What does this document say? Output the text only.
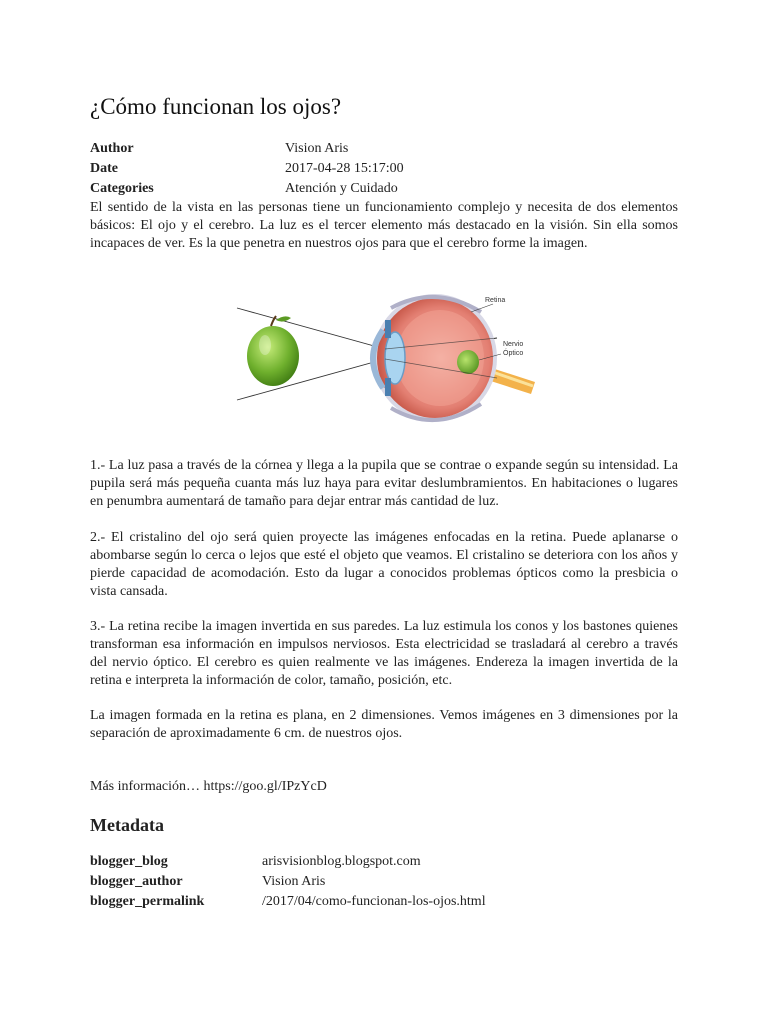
¿Cómo funcionan los ojos?
Author	Vision Aris
Date	2017-04-28 15:17:00
Categories	Atención y Cuidado

El sentido de la vista en las personas tiene un funcionamiento complejo y necesita de dos elementos básicos: El ojo y el cerebro. La luz es el tercer elemento más destacado en la visión. Sin ella somos incapaces de ver. Es la que penetra en nuestros ojos para que el cerebro forme la imagen.

Retina
Nervio
Óptico

1.- La luz pasa a través de la córnea y llega a la pupila que se contrae o expande según su intensidad. La pupila será más pequeña cuanta más luz haya para evitar deslumbramientos. En habitaciones o lugares en penumbra aumentará de tamaño para dejar entrar más cantidad de luz.

2.- El cristalino del ojo será quien proyecte las imágenes enfocadas en la retina. Puede aplanarse o abombarse según lo cerca o lejos que esté el objeto que veamos. El cristalino se deteriora con los años y pierde capacidad de acomodación. Esto da lugar a conocidos problemas ópticos como la presbicia o vista cansada.

3.- La retina recibe la imagen invertida en sus paredes. La luz estimula los conos y los bastones quienes transforman esa información en impulsos nerviosos. Esta electricidad se trasladará al cerebro a través del nervio óptico. El cerebro es quien realmente ve las imágenes. Endereza la imagen invertida de la retina e interpreta la información de color, tamaño, posición, etc.

La imagen formada en la retina es plana, en 2 dimensiones. Vemos imágenes en 3 dimensiones por la separación de aproximadamente 6 cm. de nuestros ojos.

Más información… https://goo.gl/IPzYcD
Metadata
blogger_blog	arisvisionblog.blogspot.com
blogger_author	Vision Aris
blogger_permalink	/2017/04/como-funcionan-los-ojos.html
